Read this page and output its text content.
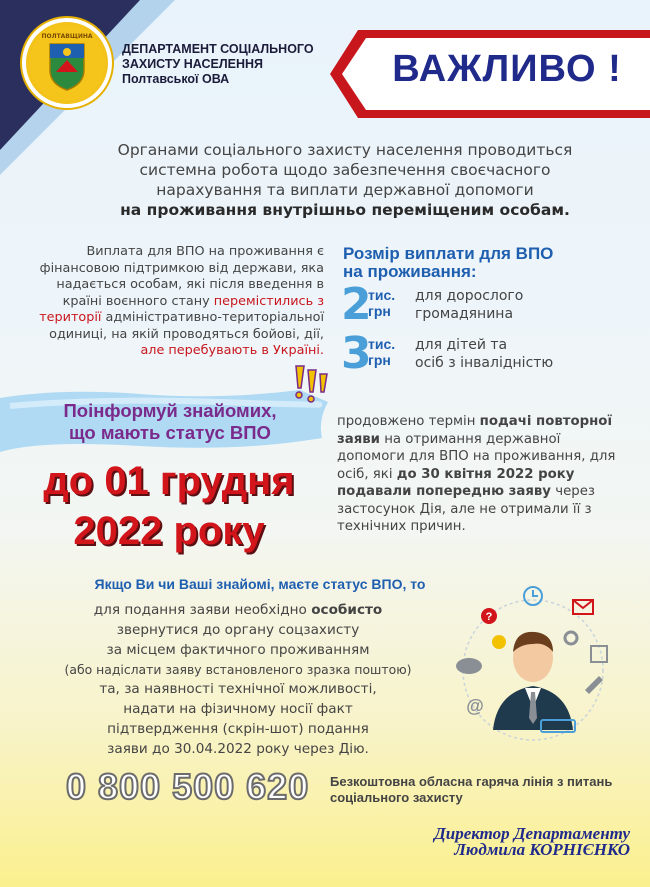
ПОЛТАВЩИНА
ДЕПАРТАМЕНТ СОЦІАЛЬНОГО
ЗАХИСТУ НАСЕЛЕННЯ
Полтавської ОВА	ВАЖЛИВО !
Органами соціального захисту населення проводиться
системна робота щодо забезпечення своєчасного
нарахування та виплати державної допомоги
на проживання внутрішньо переміщеним особам.
Виплата для ВПО на проживання є фінансовою підтримкою від держави, яка надається особам, які після введення в країні воєнного стану перемістились з території адміністративно-територіальної одиниці, на якій проводяться бойові, дії, але перебувають в Україні.
Розмір виплати для ВПО
на проживання:
2
тис.
грн
для дорослого
громадянина
3
тис.
грн
для дітей та
осіб з інвалідністю
Поінформуй знайомих,
що мають статус ВПО
до 01 грудня
2022 року
продовжено термін подачі повторної заяви на отримання державної допомоги для ВПО на проживання, для осіб, які до 30 квітня 2022 року подавали попередню заяву через застосунок Дія, але не отримали її з технічних причин.
Якщо Ви чи Ваші знайомі, маєте статус ВПО, то
для подання заяви необхідно особисто
звернутися до органу соцзахисту
за місцем фактичного проживанням
(або надіслати заяву встановленого зразка поштою)
та, за наявності технічної можливості,
надати на фізичному носії факт
підтвердження (скрін-шот) подання
заяви до 30.04.2022 року через Дію.
?
@
0 800 500 620	Безкоштовна обласна гаряча лінія з питань
соціального захисту
Директор Департаменту
Людмила КОРНІЄНКО
